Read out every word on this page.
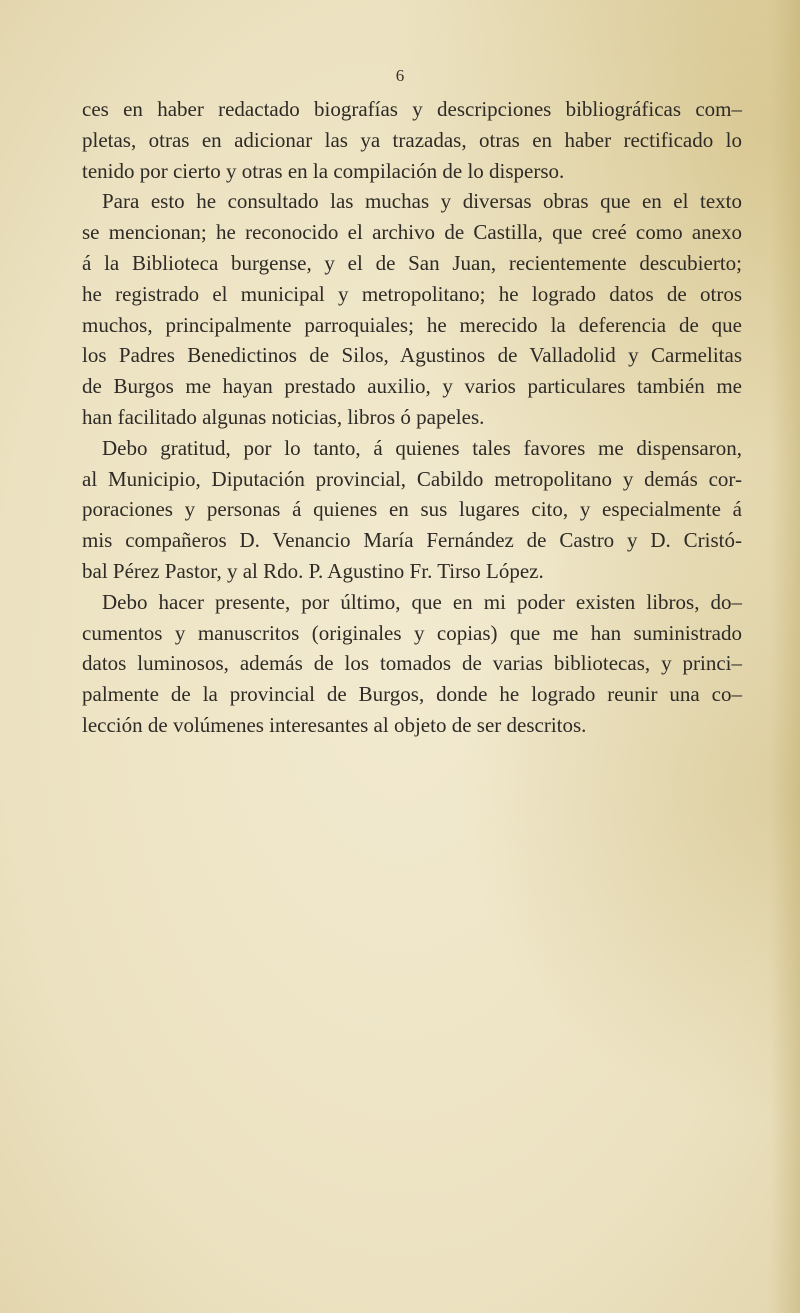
6

ces en haber redactado biografías y descripciones bibliográficas com–
pletas, otras en adicionar las ya trazadas, otras en haber rectificado lo
tenido por cierto y otras en la compilación de lo disperso.
Para esto he consultado las muchas y diversas obras que en el texto
se mencionan; he reconocido el archivo de Castilla, que creé como anexo
á la Biblioteca burgense, y el de San Juan, recientemente descubierto;
he registrado el municipal y metropolitano; he logrado datos de otros
muchos, principalmente parroquiales; he merecido la deferencia de que
los Padres Benedictinos de Silos, Agustinos de Valladolid y Carmelitas
de Burgos me hayan prestado auxilio, y varios particulares también me
han facilitado algunas noticias, libros ó papeles.
Debo gratitud, por lo tanto, á quienes tales favores me dispensaron,
al Municipio, Diputación provincial, Cabildo metropolitano y demás cor-
poraciones y personas á quienes en sus lugares cito, y especialmente á
mis compañeros D. Venancio María Fernández de Castro y D. Cristó-
bal Pérez Pastor, y al Rdo. P. Agustino Fr. Tirso López.
Debo hacer presente, por último, que en mi poder existen libros, do–
cumentos y manuscritos (originales y copias) que me han suministrado
datos luminosos, además de los tomados de varias bibliotecas, y princi–
palmente de la provincial de Burgos, donde he logrado reunir una co–
lección de volúmenes interesantes al objeto de ser descritos.
